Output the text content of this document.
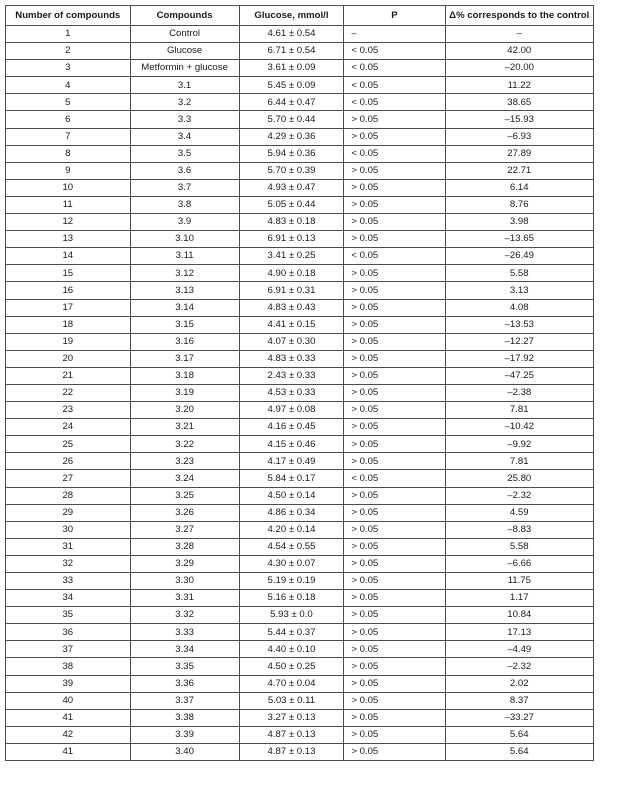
Number of compounds	Compounds	Glucose, mmol/l	P	Δ% corresponds to the control
1	Control	4.61 ± 0.54	–	–
2	Glucose	6.71 ± 0.54	< 0.05	42.00
3	Metformin + glucose	3.61 ± 0.09	< 0.05	–20.00
4	3.1	5.45 ± 0.09	< 0.05	11.22
5	3.2	6.44 ± 0.47	< 0.05	38.65
6	3.3	5.70 ± 0.44	> 0.05	–15.93
7	3.4	4.29 ± 0.36	> 0.05	–6.93
8	3.5	5.94 ± 0.36	< 0.05	27.89
9	3.6	5.70 ± 0.39	> 0.05	22.71
10	3.7	4.93 ± 0.47	> 0.05	6.14
11	3.8	5.05 ± 0.44	> 0.05	8.76
12	3.9	4.83 ± 0.18	> 0.05	3.98
13	3.10	6.91 ± 0.13	> 0.05	–13.65
14	3.11	3.41 ± 0.25	< 0.05	–26.49
15	3.12	4.90 ± 0.18	> 0.05	5.58
16	3.13	6.91 ± 0.31	> 0.05	3.13
17	3.14	4.83 ± 0.43	> 0.05	4.08
18	3.15	4.41 ± 0.15	> 0.05	–13.53
19	3.16	4.07 ± 0.30	> 0.05	–12.27
20	3.17	4.83 ± 0.33	> 0.05	–17.92
21	3.18	2.43 ± 0.33	> 0.05	–47.25
22	3.19	4.53 ± 0.33	> 0.05	–2.38
23	3.20	4.97 ± 0.08	> 0.05	7.81
24	3.21	4.16 ± 0.45	> 0.05	–10.42
25	3.22	4.15 ± 0.46	> 0.05	–9.92
26	3.23	4.17 ± 0.49	> 0.05	7.81
27	3.24	5.84 ± 0.17	< 0.05	25.80
28	3.25	4.50 ± 0.14	> 0.05	–2.32
29	3.26	4.86 ± 0.34	> 0.05	4.59
30	3.27	4.20 ± 0.14	> 0.05	–8.83
31	3.28	4.54 ± 0.55	> 0.05	5.58
32	3.29	4.30 ± 0.07	> 0.05	–6.66
33	3.30	5.19 ± 0.19	> 0.05	11.75
34	3.31	5.16 ± 0.18	> 0.05	1.17
35	3.32	5.93 ± 0.0	> 0.05	10.84
36	3.33	5.44 ± 0.37	> 0.05	17.13
37	3.34	4.40 ± 0.10	> 0.05	–4.49
38	3.35	4.50 ± 0.25	> 0.05	–2.32
39	3.36	4.70 ± 0.04	> 0.05	2.02
40	3.37	5.03 ± 0.11	> 0.05	8.37
41	3.38	3.27 ± 0.13	> 0.05	–33.27
42	3.39	4.87 ± 0.13	> 0.05	5.64
41	3.40	4.87 ± 0.13	> 0.05	5.64
